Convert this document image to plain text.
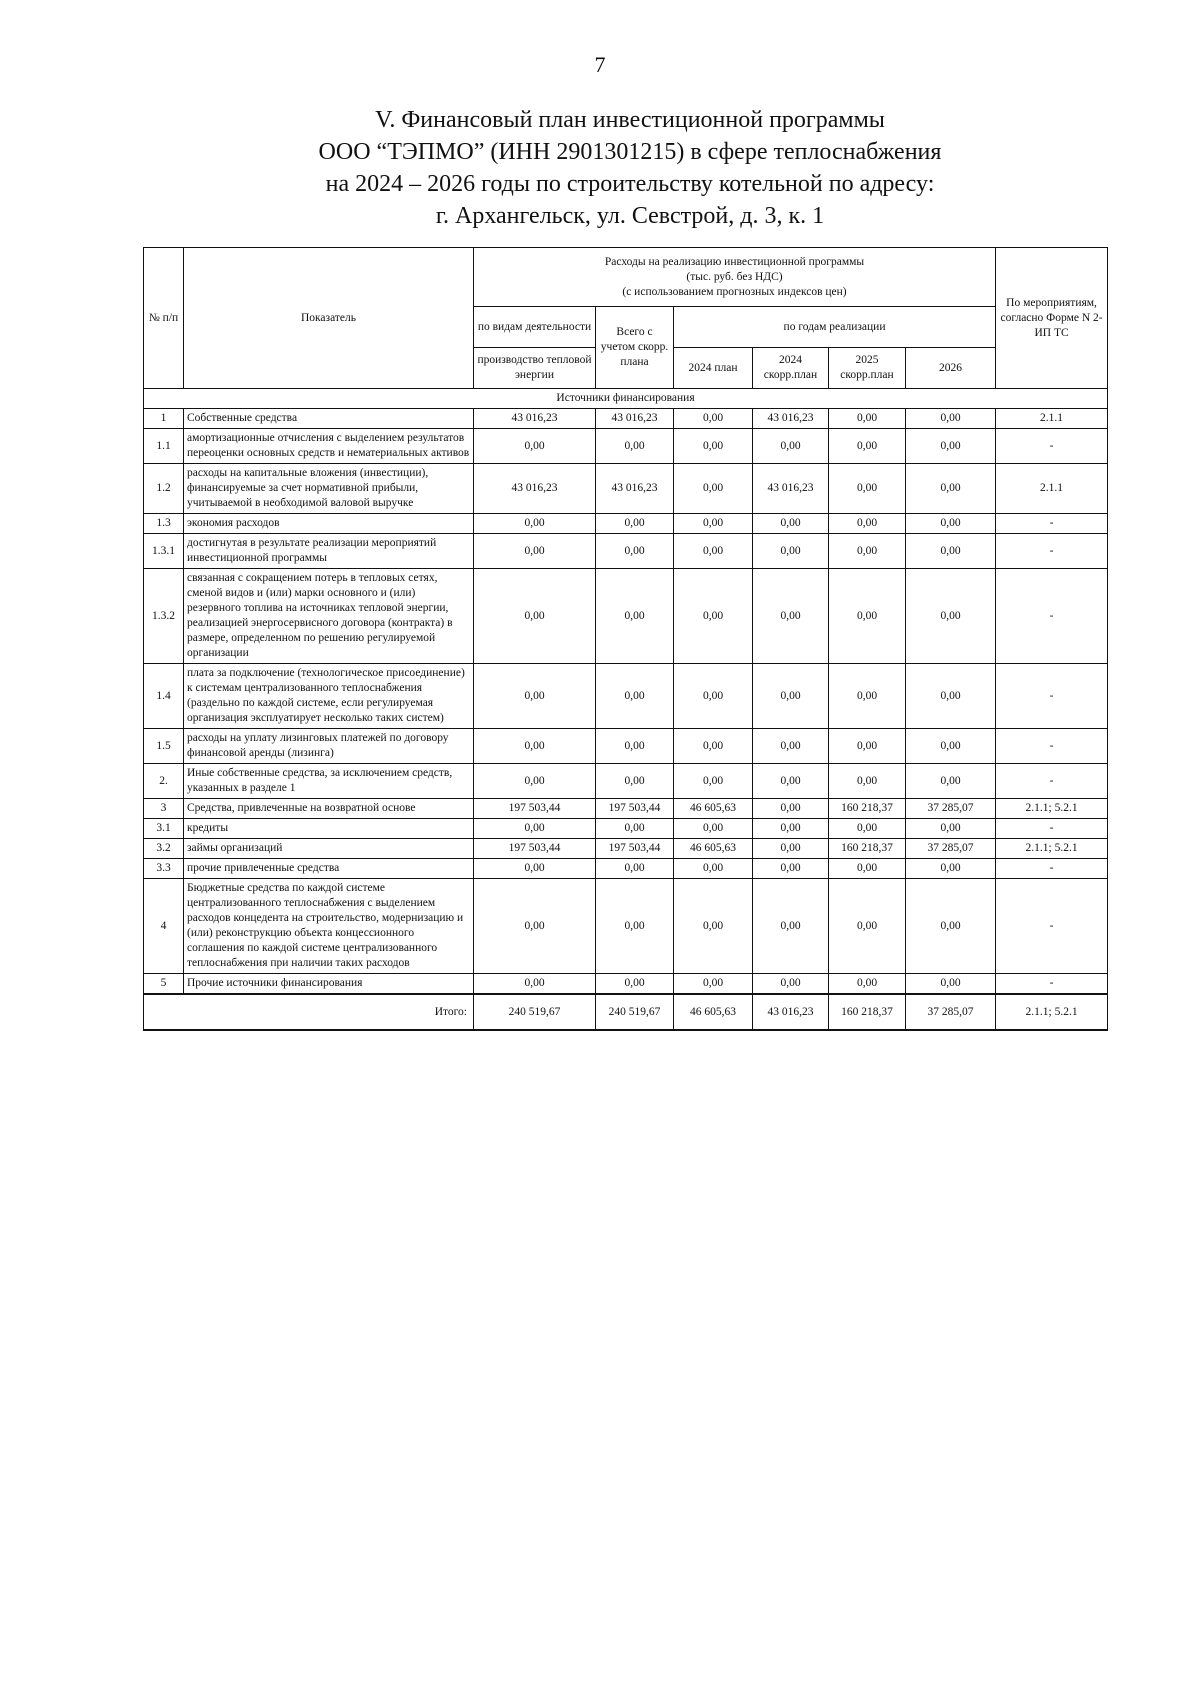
7
V. Финансовый план инвестиционной программы
ООО “ТЭПМО” (ИНН 2901301215) в сфере теплоснабжения
на 2024 – 2026 годы по строительству котельной по адресу:
г. Архангельск, ул. Севстрой, д. 3, к. 1
№ п/п	Показатель	Расходы на реализацию инвестиционной программы
(тыс. руб. без НДС)
(с использованием прогнозных индексов цен)						По мероприятиям, согласно Форме N 2-ИП ТС
		по видам деятельности	Всего с учетом скорр. плана	по годам реализации				
		производство тепловой энергии		2024 план	2024 скорр.план	2025 скорр.план	2026	
Источники финансирования								
1	Собственные средства	43 016,23	43 016,23	0,00	43 016,23	0,00	0,00	2.1.1
1.1	амортизационные отчисления с выделением результатов переоценки основных средств и нематериальных активов	0,00	0,00	0,00	0,00	0,00	0,00	-
1.2	расходы на капитальные вложения (инвестиции), финансируемые за счет нормативной прибыли, учитываемой в необходимой валовой выручке	43 016,23	43 016,23	0,00	43 016,23	0,00	0,00	2.1.1
1.3	экономия расходов	0,00	0,00	0,00	0,00	0,00	0,00	-
1.3.1	достигнутая в результате реализации мероприятий инвестиционной программы	0,00	0,00	0,00	0,00	0,00	0,00	-
1.3.2	связанная с сокращением потерь в тепловых сетях, сменой видов и (или) марки основного и (или) резервного топлива на источниках тепловой энергии, реализацией энергосервисного договора (контракта) в размере, определенном по решению регулируемой организации	0,00	0,00	0,00	0,00	0,00	0,00	-
1.4	плата за подключение (технологическое присоединение) к системам централизованного теплоснабжения (раздельно по каждой системе, если регулируемая организация эксплуатирует несколько таких систем)	0,00	0,00	0,00	0,00	0,00	0,00	-
1.5	расходы на уплату лизинговых платежей по договору финансовой аренды (лизинга)	0,00	0,00	0,00	0,00	0,00	0,00	-
2.	Иные собственные средства, за исключением средств, указанных в разделе 1	0,00	0,00	0,00	0,00	0,00	0,00	-
3	Средства, привлеченные на возвратной основе	197 503,44	197 503,44	46 605,63	0,00	160 218,37	37 285,07	2.1.1; 5.2.1
3.1	кредиты	0,00	0,00	0,00	0,00	0,00	0,00	-
3.2	займы организаций	197 503,44	197 503,44	46 605,63	0,00	160 218,37	37 285,07	2.1.1; 5.2.1
3.3	прочие привлеченные средства	0,00	0,00	0,00	0,00	0,00	0,00	-
4	Бюджетные средства по каждой системе централизованного теплоснабжения с выделением расходов концедента на строительство, модернизацию и (или) реконструкцию объекта концессионного соглашения по каждой системе централизованного теплоснабжения при наличии таких расходов	0,00	0,00	0,00	0,00	0,00	0,00	-
5	Прочие источники финансирования	0,00	0,00	0,00	0,00	0,00	0,00	-
Итого:		240 519,67	240 519,67	46 605,63	43 016,23	160 218,37	37 285,07	2.1.1; 5.2.1
